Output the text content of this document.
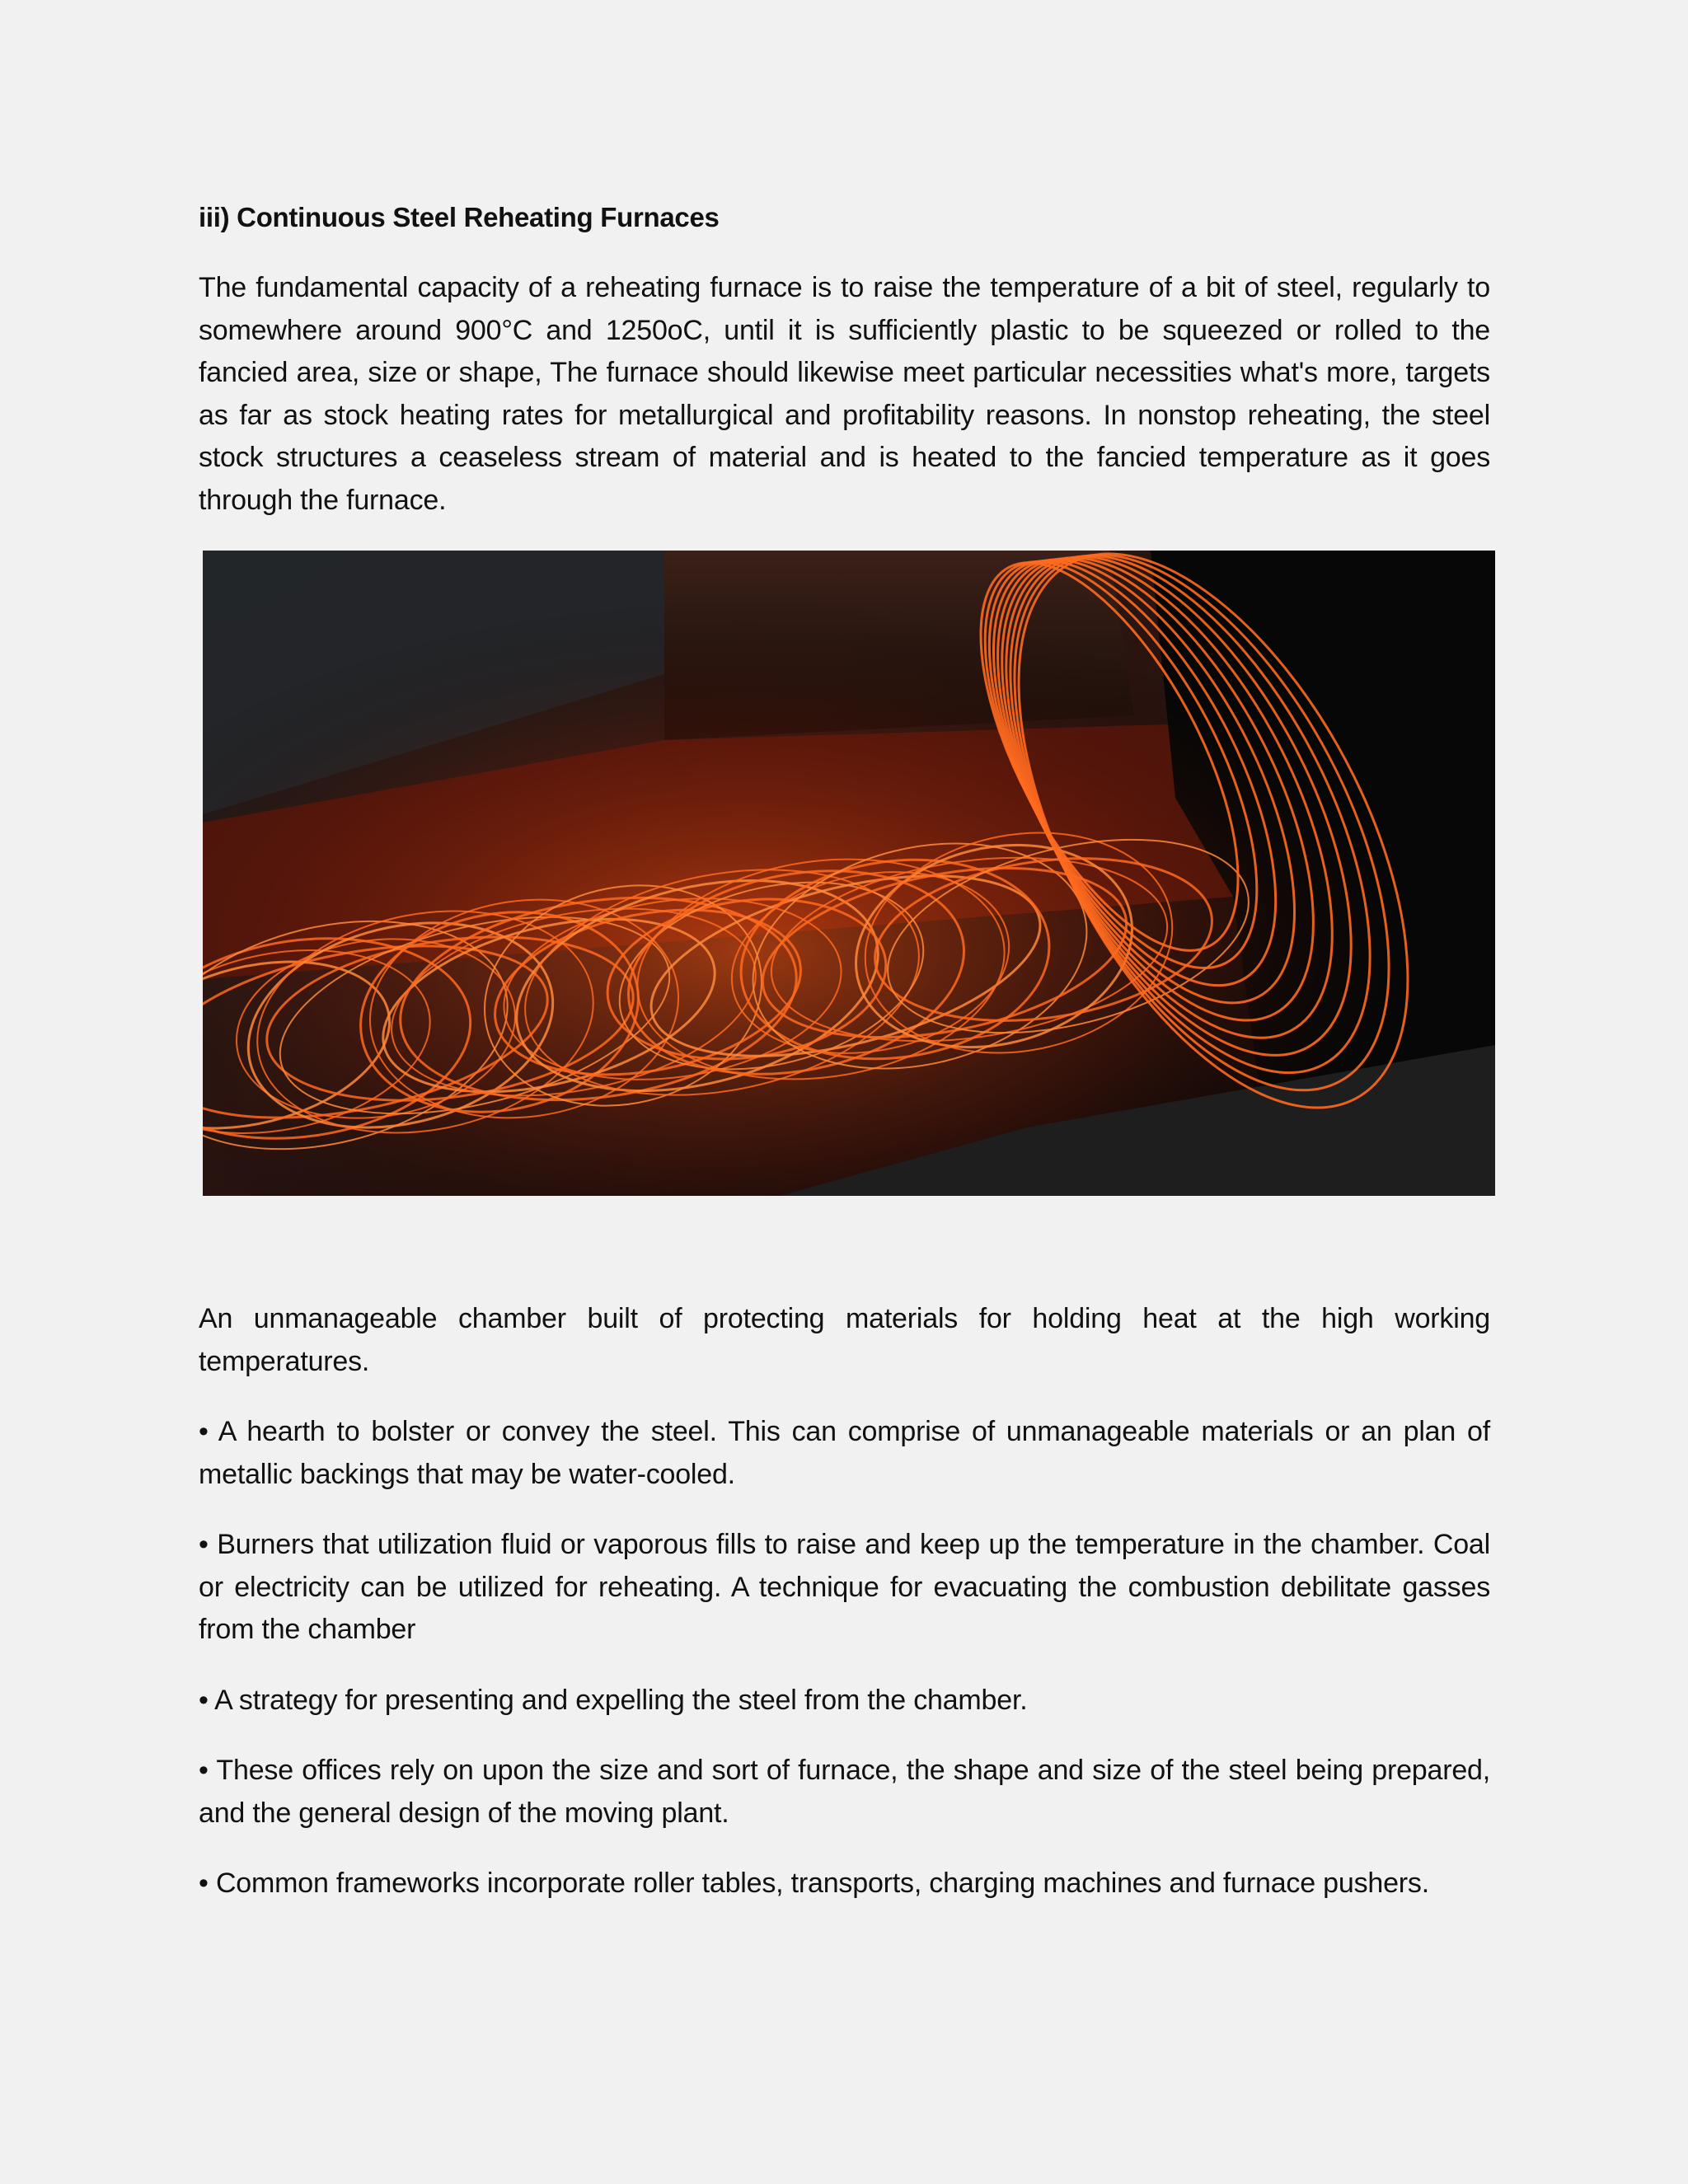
iii) Continuous Steel Reheating Furnaces

The fundamental capacity of a reheating furnace is to raise the temperature of a bit of steel, regularly to somewhere around 900°C and 1250oC, until it is sufficiently plastic to be squeezed or rolled to the fancied area, size or shape, The furnace should likewise meet particular necessities what's more, targets as far as stock heating rates for metallurgical and profitability reasons. In nonstop reheating, the steel stock structures a ceaseless stream of material and is heated to the fancied temperature as it goes through the furnace.

An unmanageable chamber built of protecting materials for holding heat at the high working temperatures.

• A hearth to bolster or convey the steel. This can comprise of unmanageable materials or an plan of metallic backings that may be water-cooled.

• Burners that utilization fluid or vaporous fills to raise and keep up the temperature in the chamber. Coal or electricity can be utilized for reheating. A technique for evacuating the combustion debilitate gasses from the chamber

• A strategy for presenting and expelling the steel from the chamber.

• These offices rely on upon the size and sort of furnace, the shape and size of the steel being prepared, and the general design of the moving plant.

• Common frameworks incorporate roller tables, transports, charging machines and furnace pushers.
